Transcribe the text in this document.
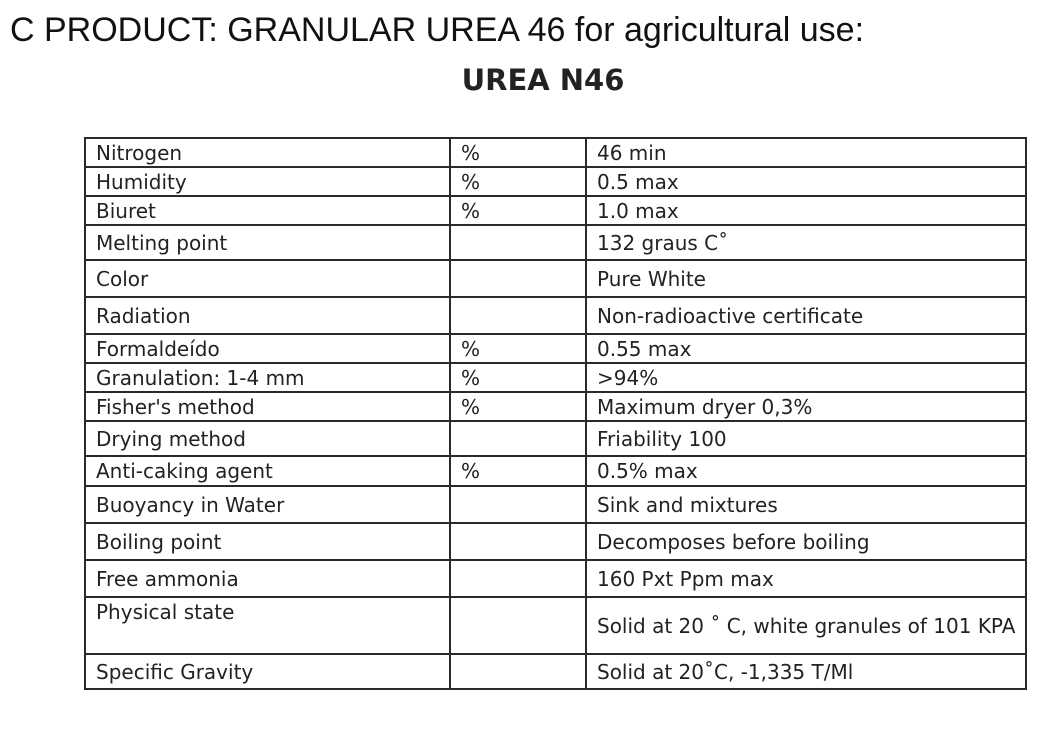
C PRODUCT: GRANULAR UREA 46 for agricultural use:
UREA N46
Nitrogen	%	46 min
Humidity	%	0.5 max
Biuret	%	1.0 max
Melting point		132 graus C˚
Color		Pure White
Radiation		Non-radioactive certificate
Formaldeído	%	0.55 max
Granulation: 1-4 mm	%	>94%
Fisher's method	%	Maximum dryer 0,3%
Drying method		Friability 100
Anti-caking agent	%	0.5% max
Buoyancy in Water		Sink and mixtures
Boiling point		Decomposes before boiling
Free ammonia		160 Pxt Ppm max
Physical state		Solid at 20 ˚ C, white granules of 101 KPA
Specific Gravity		Solid at 20˚C, -1,335 T/Ml
